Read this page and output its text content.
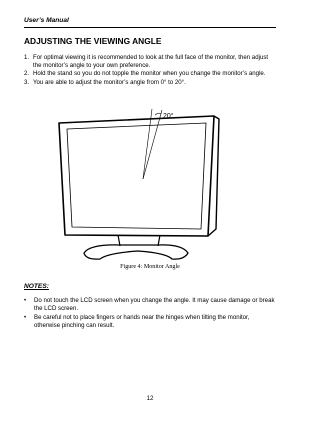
User’s Manual
ADJUSTING THE VIEWING ANGLE
1. For optimal viewing it is recommended to look at the full face of the monitor, then adjust the monitor’s angle to your own preference.
2. Hold the stand so you do not topple the monitor when you change the monitor’s angle.
3. You are able to adjust the monitor’s angle from 0° to 20°.
20°
Figure 4: Monitor Angle
NOTES:
•	Do not touch the LCD screen when you change the angle. It may cause damage or break the LCD screen.
•	Be careful not to place fingers or hands near the hinges when tilting the monitor, otherwise pinching can result.
12
